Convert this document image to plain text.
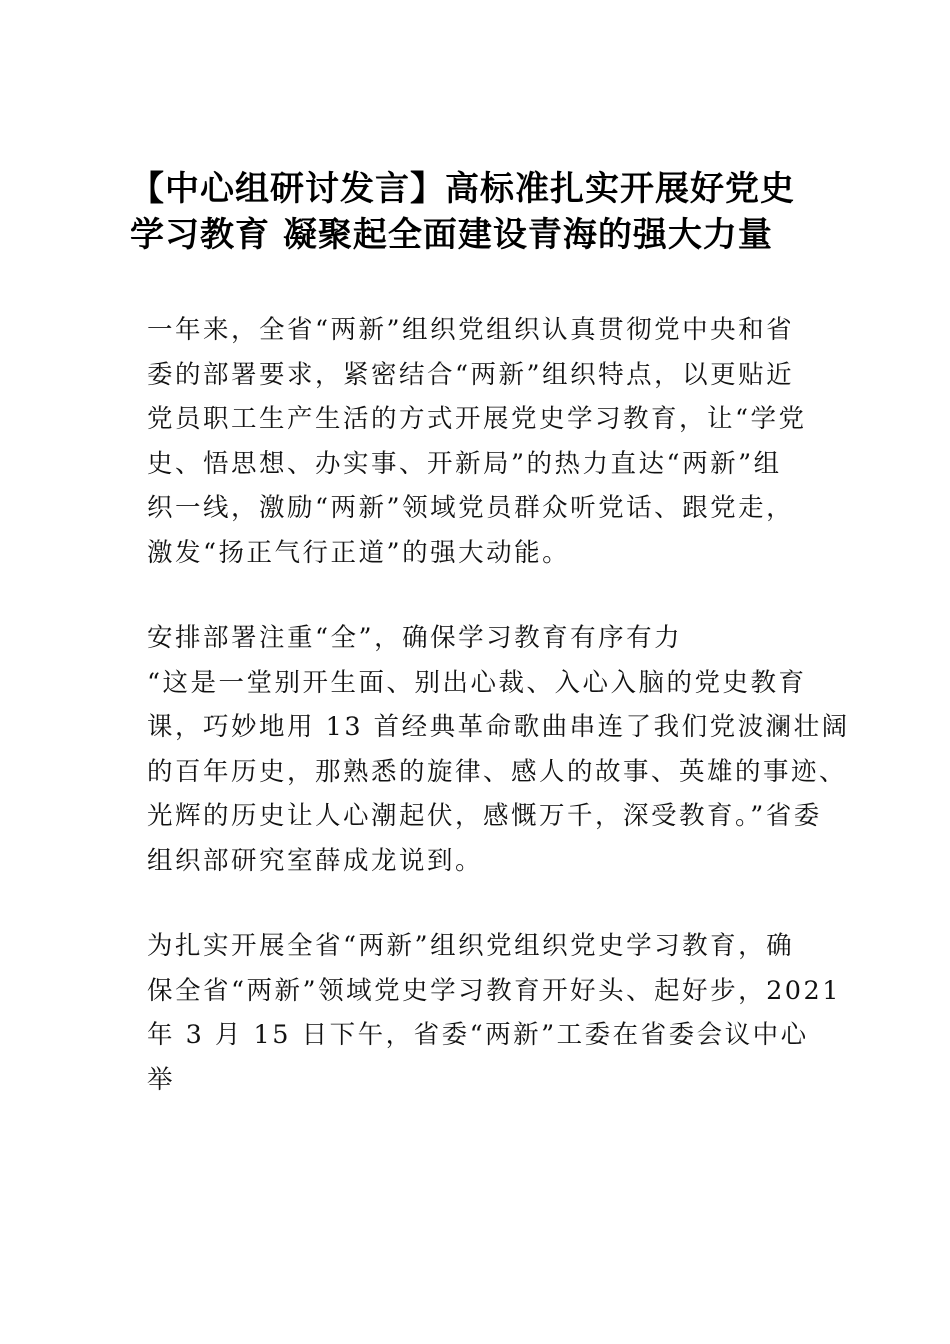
【中心组研讨发言】高标准扎实开展好党史
学习教育 凝聚起全面建设青海的强大力量
一年来，全省“两新”组织党组织认真贯彻党中央和省
委的部署要求，紧密结合“两新”组织特点，以更贴近
党员职工生产生活的方式开展党史学习教育，让“学党
史、悟思想、办实事、开新局”的热力直达“两新”组
织一线，激励“两新”领域党员群众听党话、跟党走，
激发“扬正气行正道”的强大动能。
安排部署注重“全”，确保学习教育有序有力
“这是一堂别开生面、别出心裁、入心入脑的党史教育
课，巧妙地用 13 首经典革命歌曲串连了我们党波澜壮阔
的百年历史，那熟悉的旋律、感人的故事、英雄的事迹、
光辉的历史让人心潮起伏，感慨万千，深受教育。”省委
组织部研究室薛成龙说到。
为扎实开展全省“两新”组织党组织党史学习教育，确
保全省“两新”领域党史学习教育开好头、起好步，2021
年 3 月 15 日下午，省委“两新”工委在省委会议中心
举
